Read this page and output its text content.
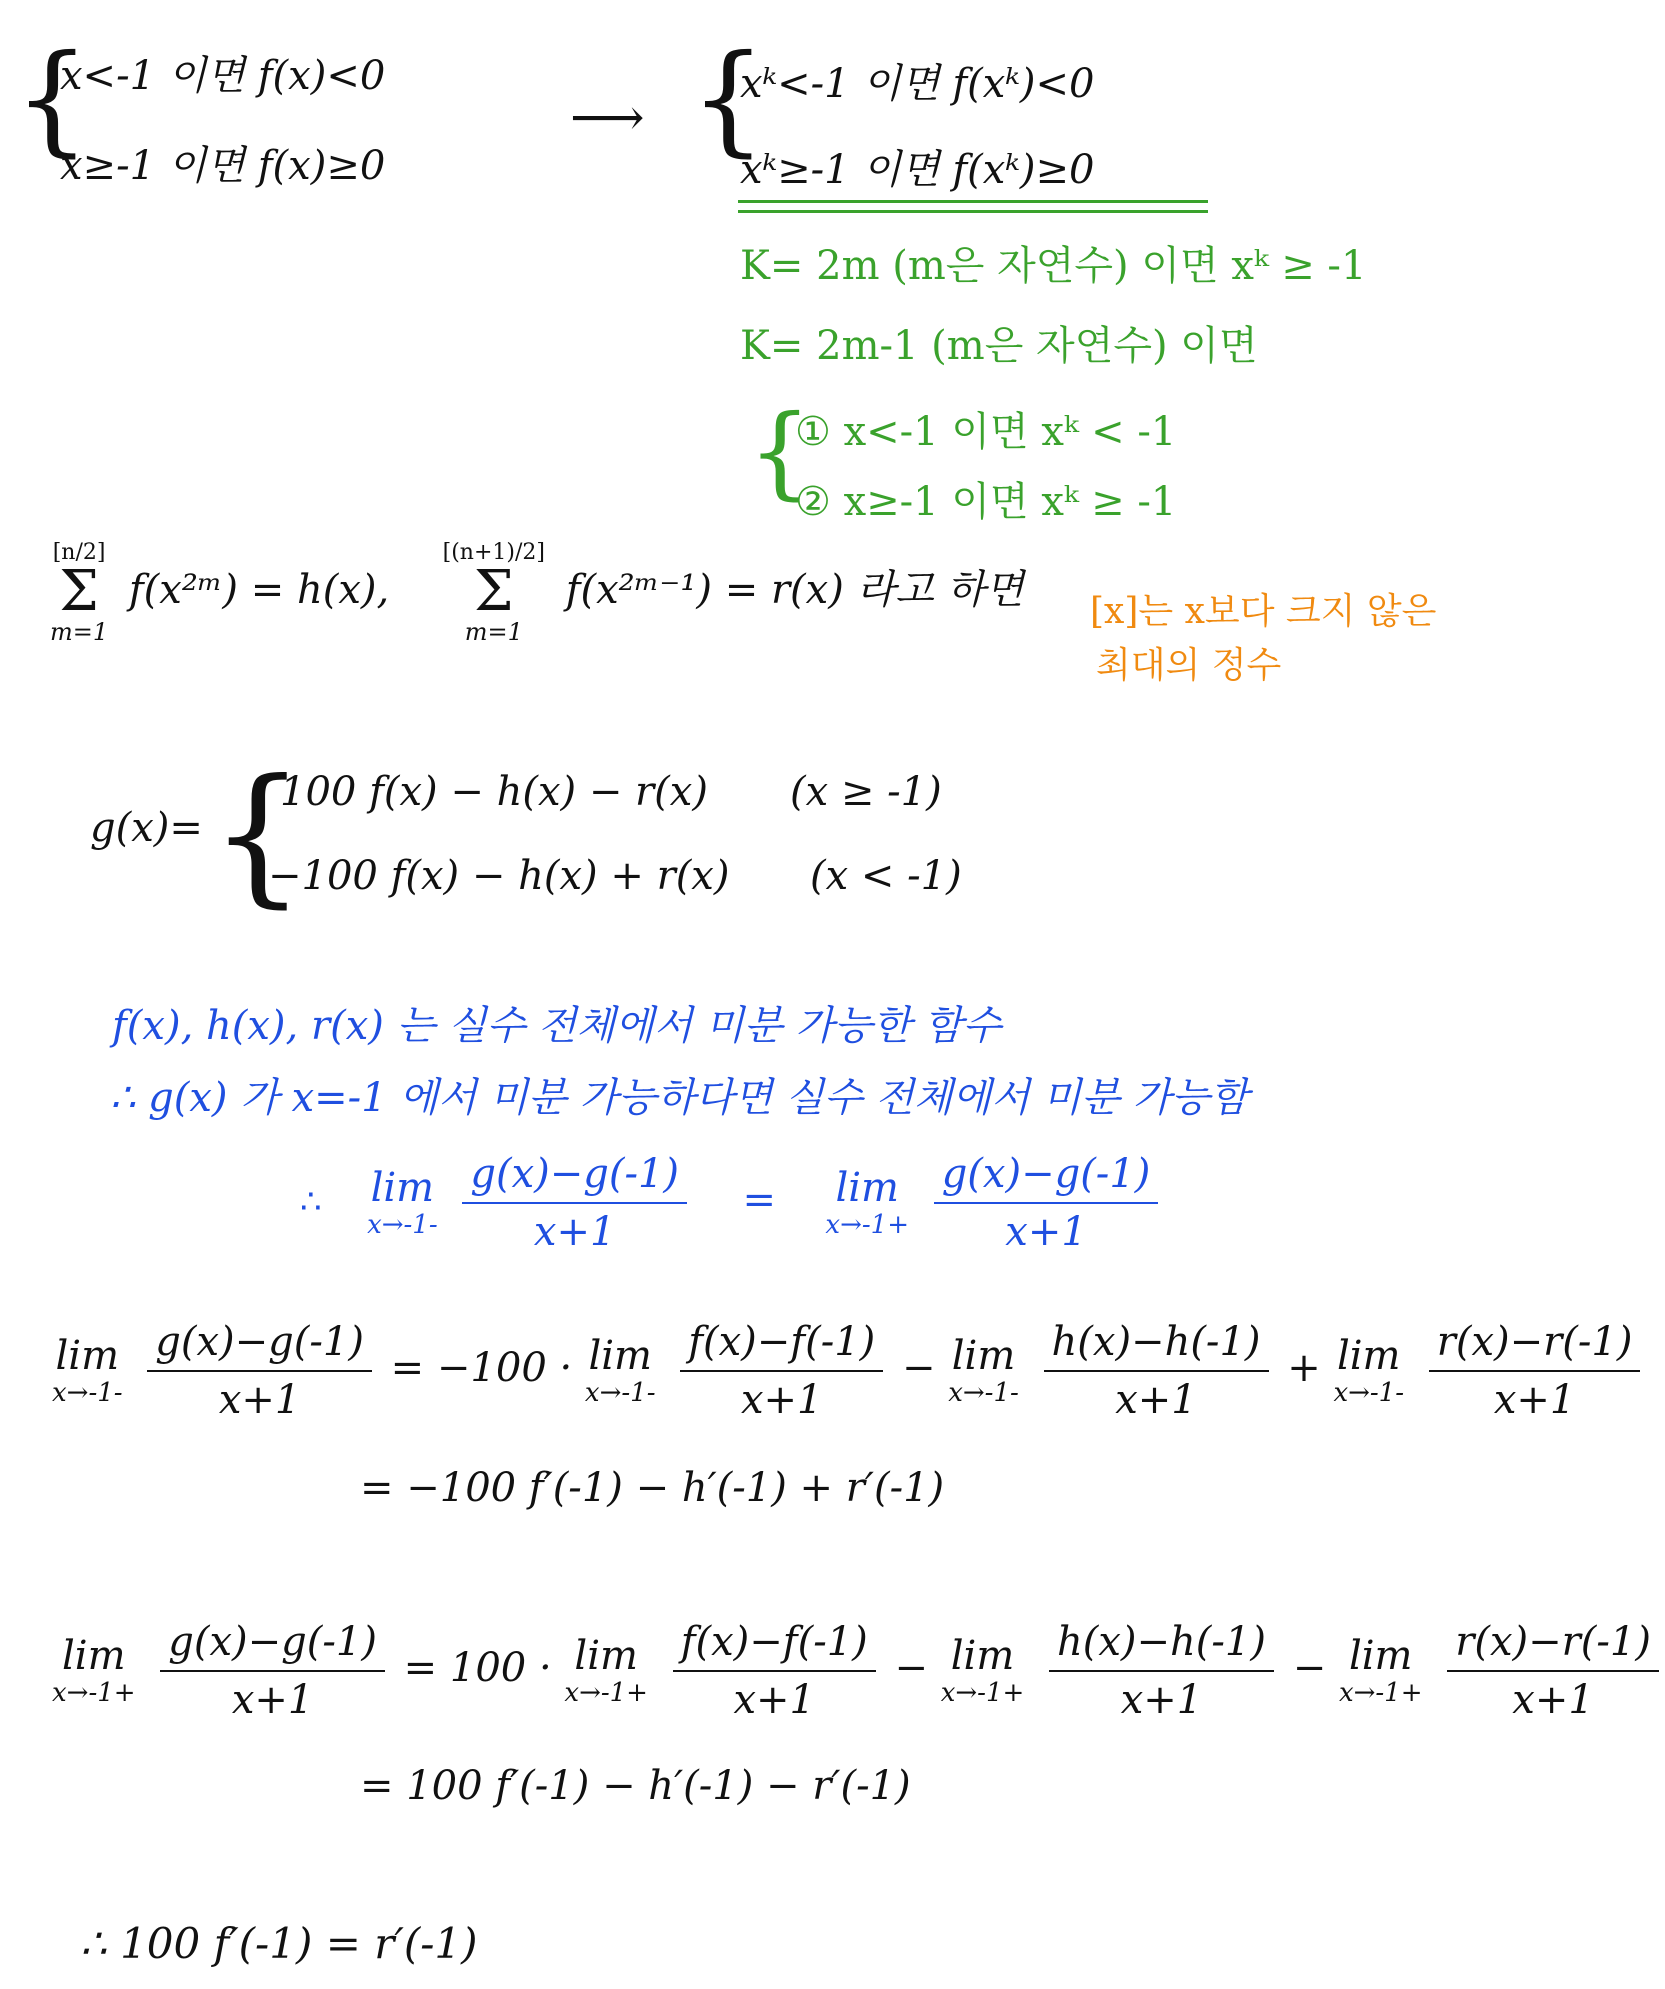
{
x<-1 이면 f(x)<0
x≥-1 이면 f(x)≥0
⟶ {
xᵏ<-1 이면 f(xᵏ)<0
xᵏ≥-1 이면 f(xᵏ)≥0
K= 2m (m은 자연수) 이면 xᵏ ≥ -1
K= 2m-1 (m은 자연수) 이면
{
① x<-1 이면 xᵏ < -1
② x≥-1 이면 xᵏ ≥ -1
[n/2]
Σ
m=1
f(x²ᵐ) = h(x),
[(n+1)/2]
Σ
m=1
f(x²ᵐ⁻¹) = r(x) 라고 하면 [x]는 x보다 크지 않은
최대의 정수
g(x)= {
100 f(x) − h(x) − r(x) (x ≥ -1)
−100 f(x) − h(x) + r(x) (x < -1)
f(x), h(x), r(x) 는 실수 전체에서 미분 가능한 함수
∴ g(x) 가 x=-1 에서 미분 가능하다면 실수 전체에서 미분 가능함
∴ lim
x→-1-
$\frac{g(x)-g(-1)}{x+1} = \lim$
x→-1+
$\frac{g(x)-g(-1)}{x+1}$
lim
x→-1-
$\frac{g(x)-g(-1)}{x+1} = -100 \cdot \lim$
x→-1-
$\frac{f(x)-f(-1)}{x+1} - \lim$
x→-1-
$\frac{h(x)-h(-1)}{x+1} + \lim$
x→-1-
$\frac{r(x)-r(-1)}{x+1}$
= −100 f′(-1) − h′(-1) + r′(-1)
lim
x→-1+
$\frac{g(x)-g(-1)}{x+1} = 100 \cdot \lim$
x→-1+
$\frac{f(x)-f(-1)}{x+1} - \lim$
x→-1+
$\frac{h(x)-h(-1)}{x+1} - \lim$
x→-1+
$\frac{r(x)-r(-1)}{x+1}$
= 100 f′(-1) − h′(-1) − r′(-1)
∴ 100 f′(-1) = r′(-1)
